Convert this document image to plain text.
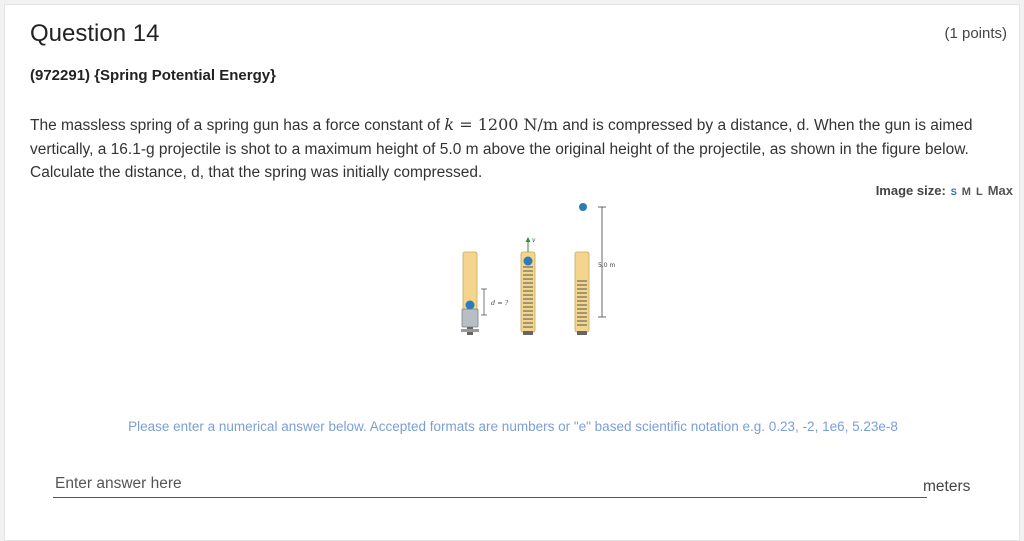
Question 14	(1 points)
(972291) {Spring Potential Energy}
The massless spring of a spring gun has a force constant of k = 1200 N/m and is compressed by a distance, d. When the gun is aimed vertically, a 16.1-g projectile is shot to a maximum height of 5.0 m above the original height of the projectile, as shown in the figure below. Calculate the distance, d, that the spring was initially compressed.
Image size: S M L Max
d = ?
v
5.0 m
Please enter a numerical answer below. Accepted formats are numbers or "e" based scientific notation e.g. 0.23, -2, 1e6, 5.23e-8
Enter answer here
meters
